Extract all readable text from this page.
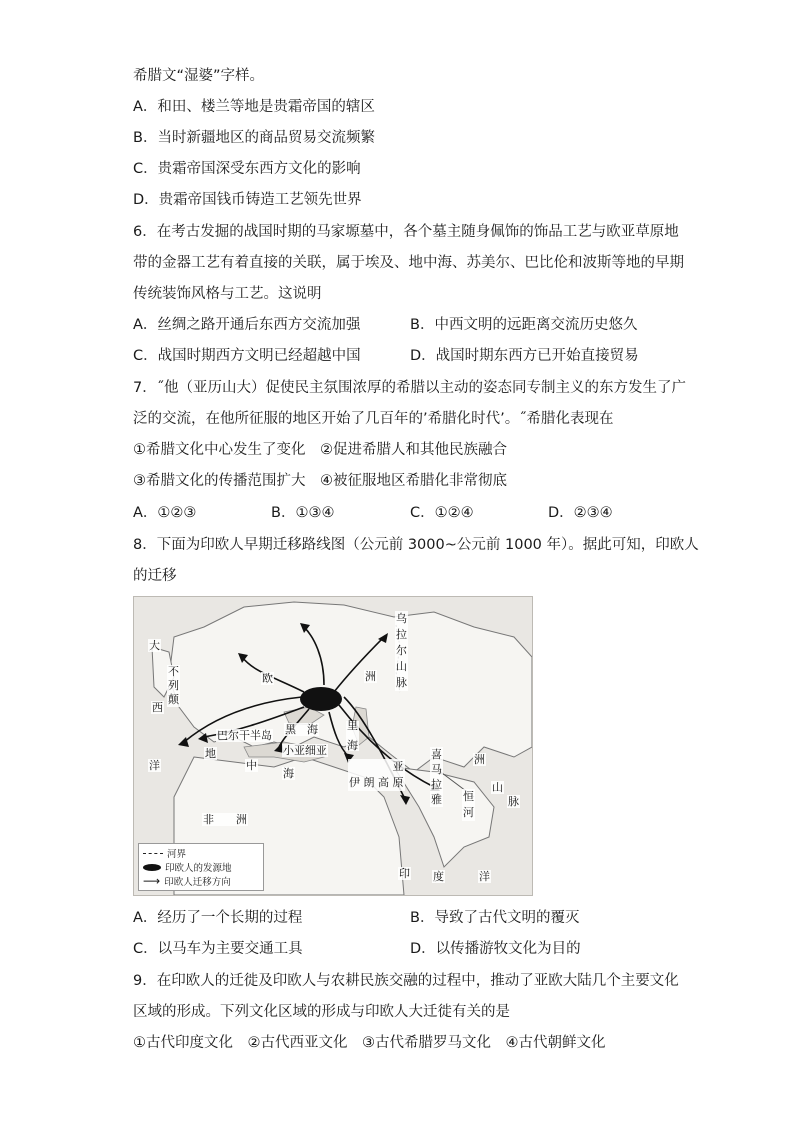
希腊文“湿婆”字样。
A．和田、楼兰等地是贵霜帝国的辖区
B．当时新疆地区的商品贸易交流频繁
C．贵霜帝国深受东西方文化的影响
D．贵霜帝国钱币铸造工艺领先世界
6．在考古发掘的战国时期的马家塬墓中，各个墓主随身佩饰的饰品工艺与欧亚草原地
带的金器工艺有着直接的关联，属于埃及、地中海、苏美尔、巴比伦和波斯等地的早期
传统装饰风格与工艺。这说明
A．丝绸之路开通后东西方交流加强	B．中西文明的远距离交流历史悠久
C．战国时期西方文明已经超越中国	D．战国时期东西方已开始直接贸易
7．˝他（亚历山大）促使民主氛围浓厚的希腊以主动的姿态同专制主义的东方发生了广
泛的交流，在他所征服的地区开始了几百年的’希腊化时代’。˝希腊化表现在
①希腊文化中心发生了变化　②促进希腊人和其他民族融合
③希腊文化的传播范围扩大　④被征服地区希腊化非常彻底
A．①②③	B．①③④	C．①②④	D．②③④
8．下面为印欧人早期迁移路线图（公元前 3000~公元前 1000 年）。据此可知，印欧人
的迁移
大
西
洋
不
列
颠
欧
乌
拉
尔
山
脉
洲
巴尔干半岛 黑　海	里

海
小亚细亚
地
中
海
亚
伊 朗 高 原
喜
马
拉
雅
山
脉
洲
恒
河
非　　洲
印 度	洋
河界
印欧人的发源地
⟶ 印欧人迁移方向
A．经历了一个长期的过程	B．导致了古代文明的覆灭
C．以马车为主要交通工具	D．以传播游牧文化为目的
9．在印欧人的迁徙及印欧人与农耕民族交融的过程中，推动了亚欧大陆几个主要文化
区域的形成。下列文化区域的形成与印欧人大迁徙有关的是
①古代印度文化　②古代西亚文化　③古代希腊罗马文化　④古代朝鲜文化
